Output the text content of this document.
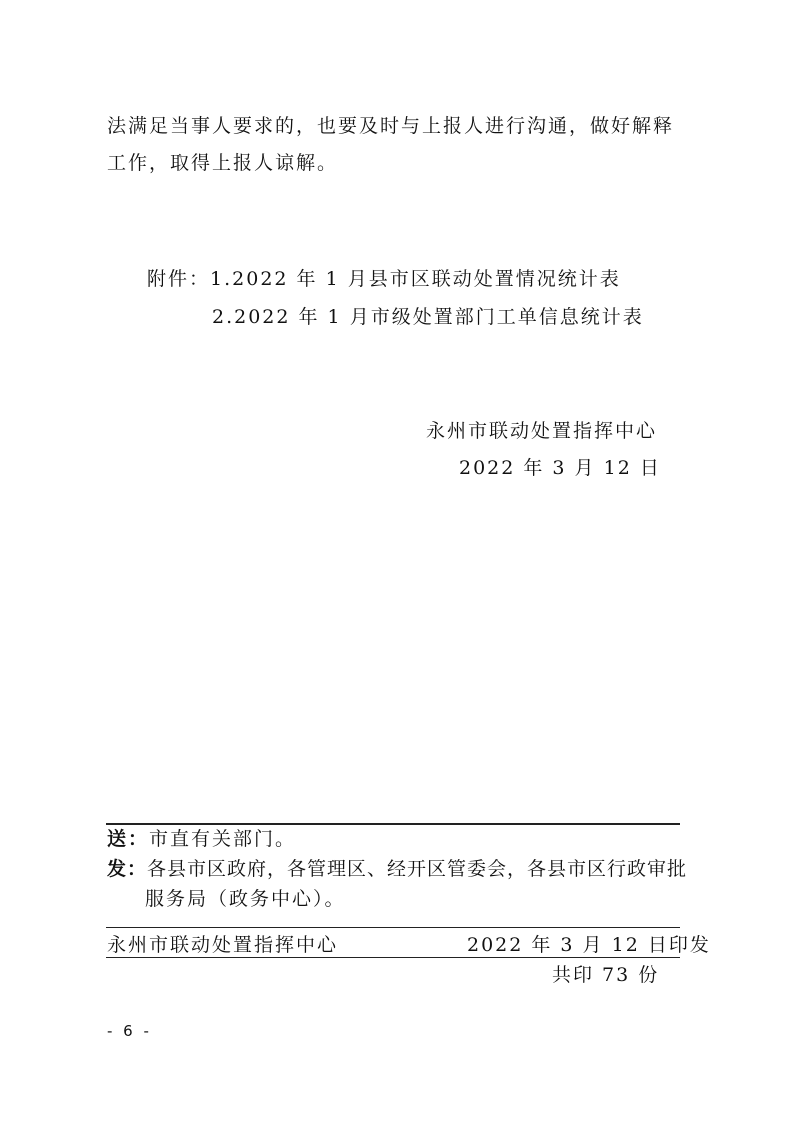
法满足当事人要求的，也要及时与上报人进行沟通，做好解释
工作，取得上报人谅解。
附件：1.2022 年 1 月县市区联动处置情况统计表
2.2022 年 1 月市级处置部门工单信息统计表
永州市联动处置指挥中心
2022 年 3 月 12 日
送：市直有关部门。
发：各县市区政府，各管理区、经开区管委会，各县市区行政审批
服务局（政务中心）。
永州市联动处置指挥中心	2022 年 3 月 12 日印发
共印 73 份
- 6 -
